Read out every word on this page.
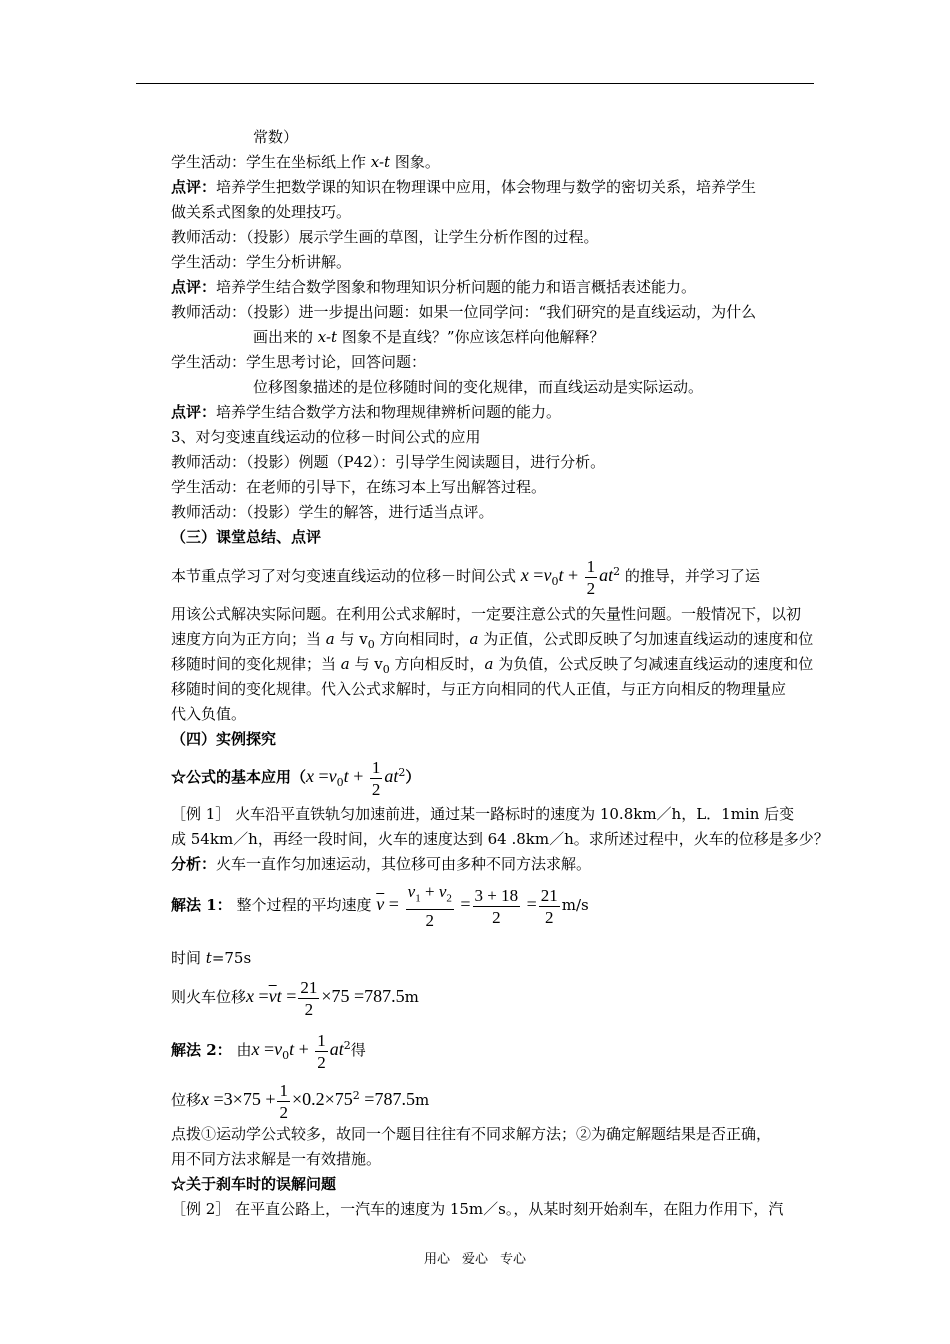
常数）
学生活动：学生在坐标纸上作 x-t 图象。
点评：培养学生把数学课的知识在物理课中应用，体会物理与数学的密切关系，培养学生
做关系式图象的处理技巧。
教师活动：（投影）展示学生画的草图，让学生分析作图的过程。
学生活动：学生分析讲解。
点评：培养学生结合数学图象和物理知识分析问题的能力和语言概括表述能力。
教师活动：（投影）进一步提出问题：如果一位同学问：“我们研究的是直线运动，为什么
画出来的 x-t 图象不是直线？”你应该怎样向他解释？
学生活动：学生思考讨论，回答问题：
位移图象描述的是位移随时间的变化规律，而直线运动是实际运动。
点评：培养学生结合数学方法和物理规律辨析问题的能力。
3、对匀变速直线运动的位移－时间公式的应用
教师活动：（投影）例题（P42）：引导学生阅读题目，进行分析。
学生活动：在老师的引导下，在练习本上写出解答过程。
教师活动：（投影）学生的解答，进行适当点评。
（三）课堂总结、点评
本节重点学习了对匀变速直线运动的位移－时间公式 $x =v_0t + \frac{1}{2} at^2$ 的推导，并学习了运
用该公式解决实际问题。在利用公式求解时，一定要注意公式的矢量性问题。一般情况下，以初
速度方向为正方向；当 a 与 $v_0$ 方向相同时，a 为正值，公式即反映了匀加速直线运动的速度和位
移随时间的变化规律；当 a 与 $v_0$ 方向相反时，a 为负值，公式反映了匀减速直线运动的速度和位
移随时间的变化规律。代入公式求解时，与正方向相同的代人正值，与正方向相反的物理量应
代入负值。
（四）实例探究
☆公式的基本应用$(x =v_0t + \frac{1}{2} at^2)$
［例 1］ 火车沿平直铁轨匀加速前进，通过某一路标时的速度为 10.8km／h，L．1min 后变
成 54km／h，再经一段时间，火车的速度达到 64 .8km／h。求所述过程中，火车的位移是多少？
分析：火车一直作匀加速运动，其位移可由多种不同方法求解。
解法 1： 整个过程的平均速度 $\overline{v} = \frac{v_1 + v_2}{2} = \frac{3 + 18}{2} = \frac{21}{2} m/s$
时间 t=75s
则火车位移$x =\overline{v}t = \frac{21}{2} \times 75 =787.5m$
解法 2： 由$x =v_0t + \frac{1}{2} at^2$得
位移$x =3\times 75 + \frac{1}{2} \times 0.2\times 75^2 =787.5m$
点拨①运动学公式较多，故同一个题目往往有不同求解方法；②为确定解题结果是否正确，
用不同方法求解是一有效措施。
☆关于刹车时的误解问题
［例 2］ 在平直公路上，一汽车的速度为 15m／s。，从某时刻开始刹车，在阻力作用下，汽
用心 爱心 专心
